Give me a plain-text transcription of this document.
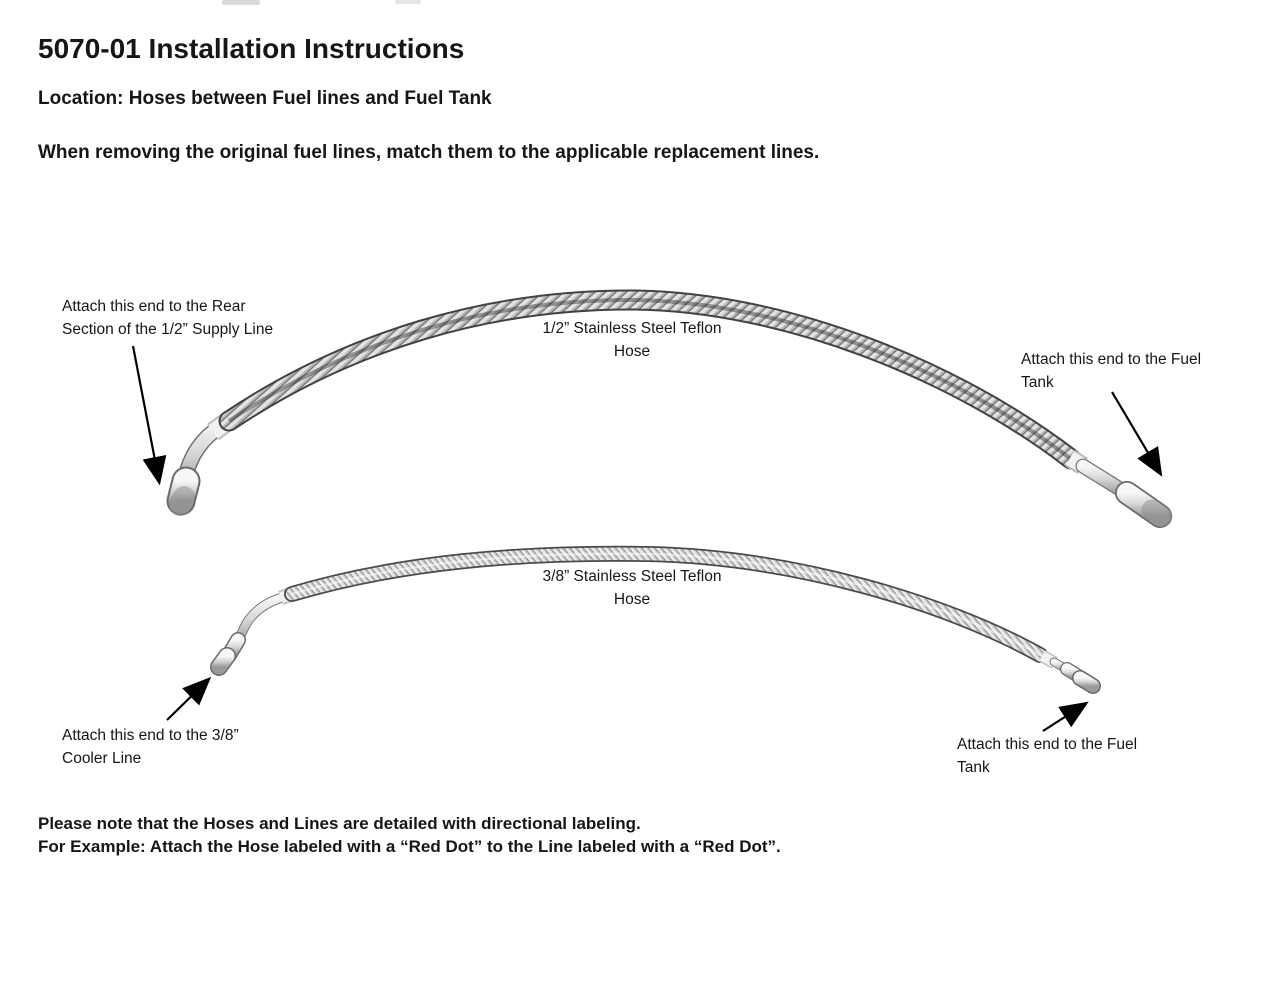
5070-01 Installation Instructions
Location: Hoses between Fuel lines and Fuel Tank
When removing the original fuel lines, match them to the applicable replacement lines.
Attach this end to the Rear
Section of the 1/2” Supply Line	1/2” Stainless Steel Teflon
Hose	Attach this end to the Fuel
Tank
3/8” Stainless Steel Teflon
Hose
Attach this end to the 3/8”
Cooler Line
Attach this end to the Fuel
Tank
Please note that the Hoses and Lines are detailed with directional labeling.
For Example: Attach the Hose labeled with a “Red Dot” to the Line labeled with a “Red Dot”.
